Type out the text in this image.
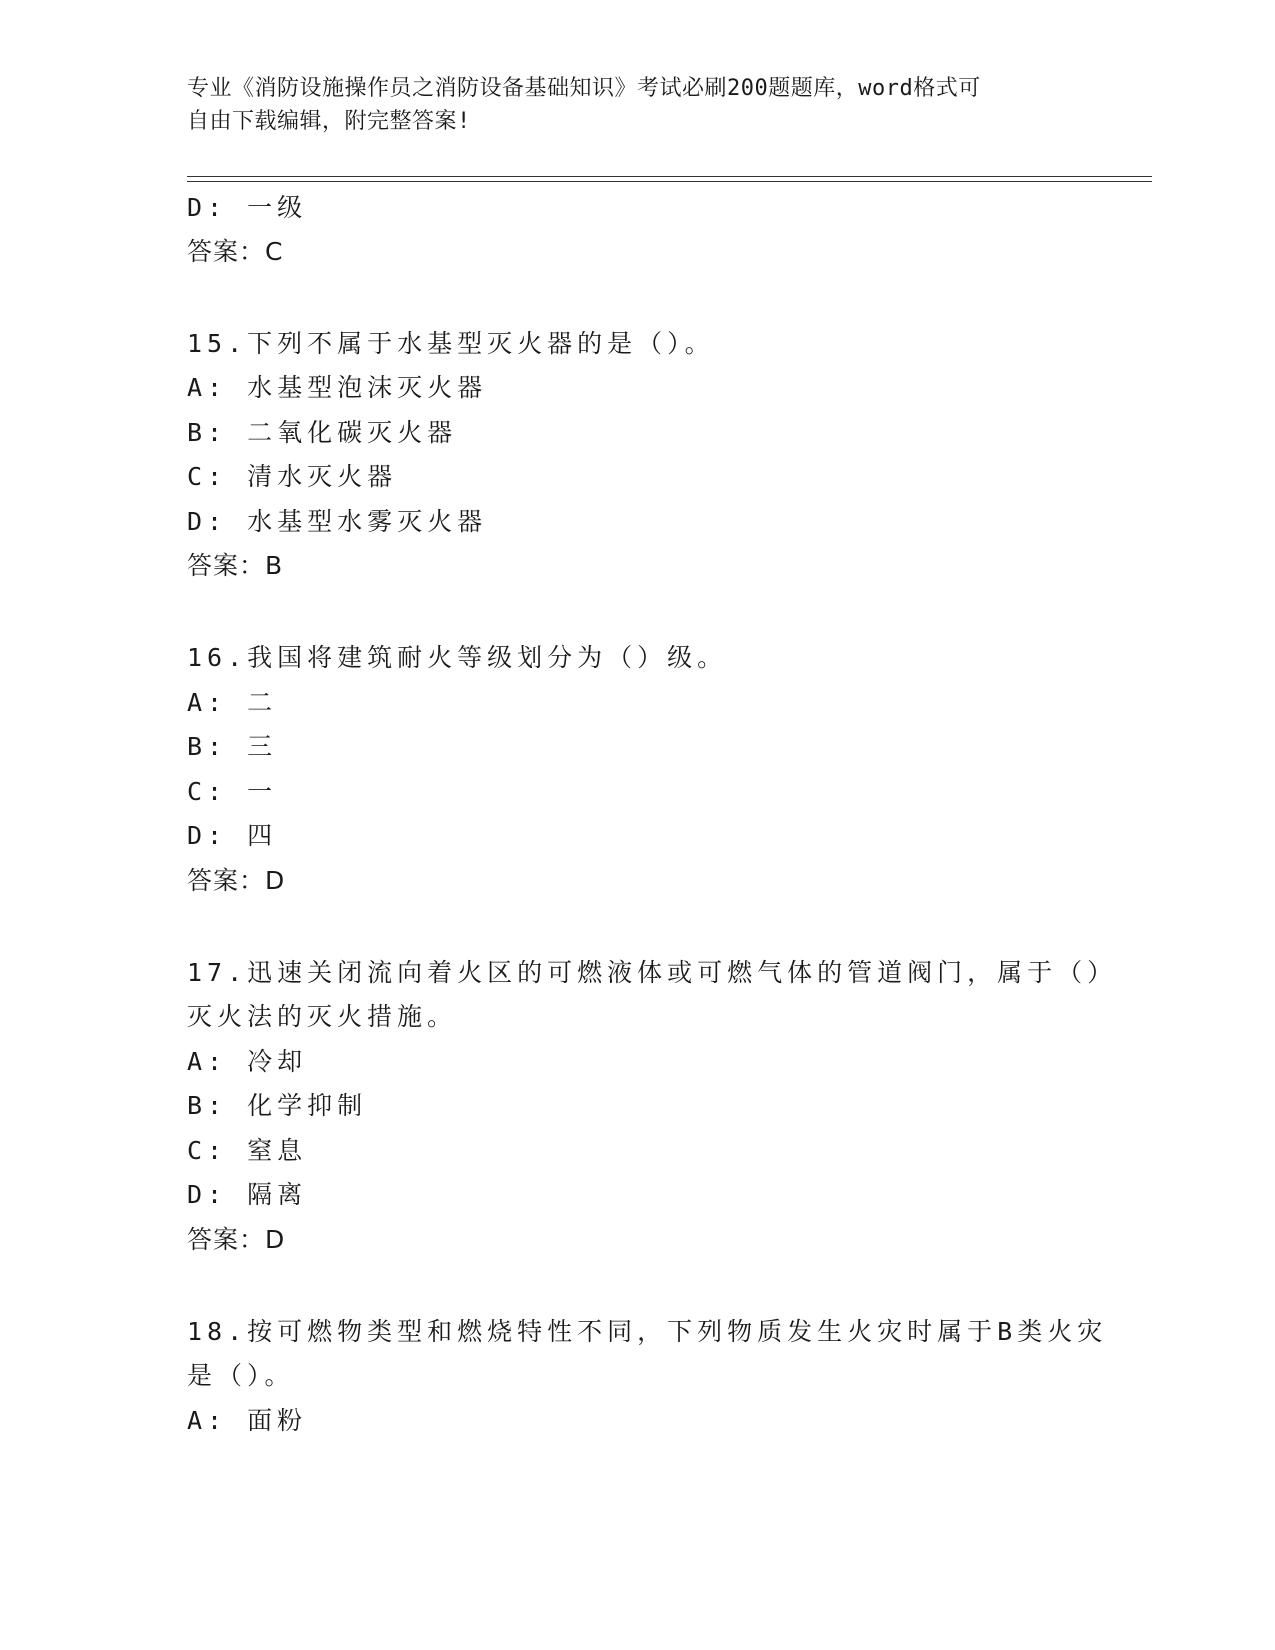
专业《消防设施操作员之消防设备基础知识》考试必刷200题题库，word格式可
自由下载编辑，附完整答案!
D: 一级
答案：C
15.下列不属于水基型灭火器的是（）。
A: 水基型泡沫灭火器
B: 二氧化碳灭火器
C: 清水灭火器
D: 水基型水雾灭火器
答案：B
16.我国将建筑耐火等级划分为（）级。
A: 二
B: 三
C: 一
D: 四
答案：D
17.迅速关闭流向着火区的可燃液体或可燃气体的管道阀门，属于（）
灭火法的灭火措施。
A: 冷却
B: 化学抑制
C: 窒息
D: 隔离
答案：D
18.按可燃物类型和燃烧特性不同，下列物质发生火灾时属于B类火灾
是（）。
A: 面粉
